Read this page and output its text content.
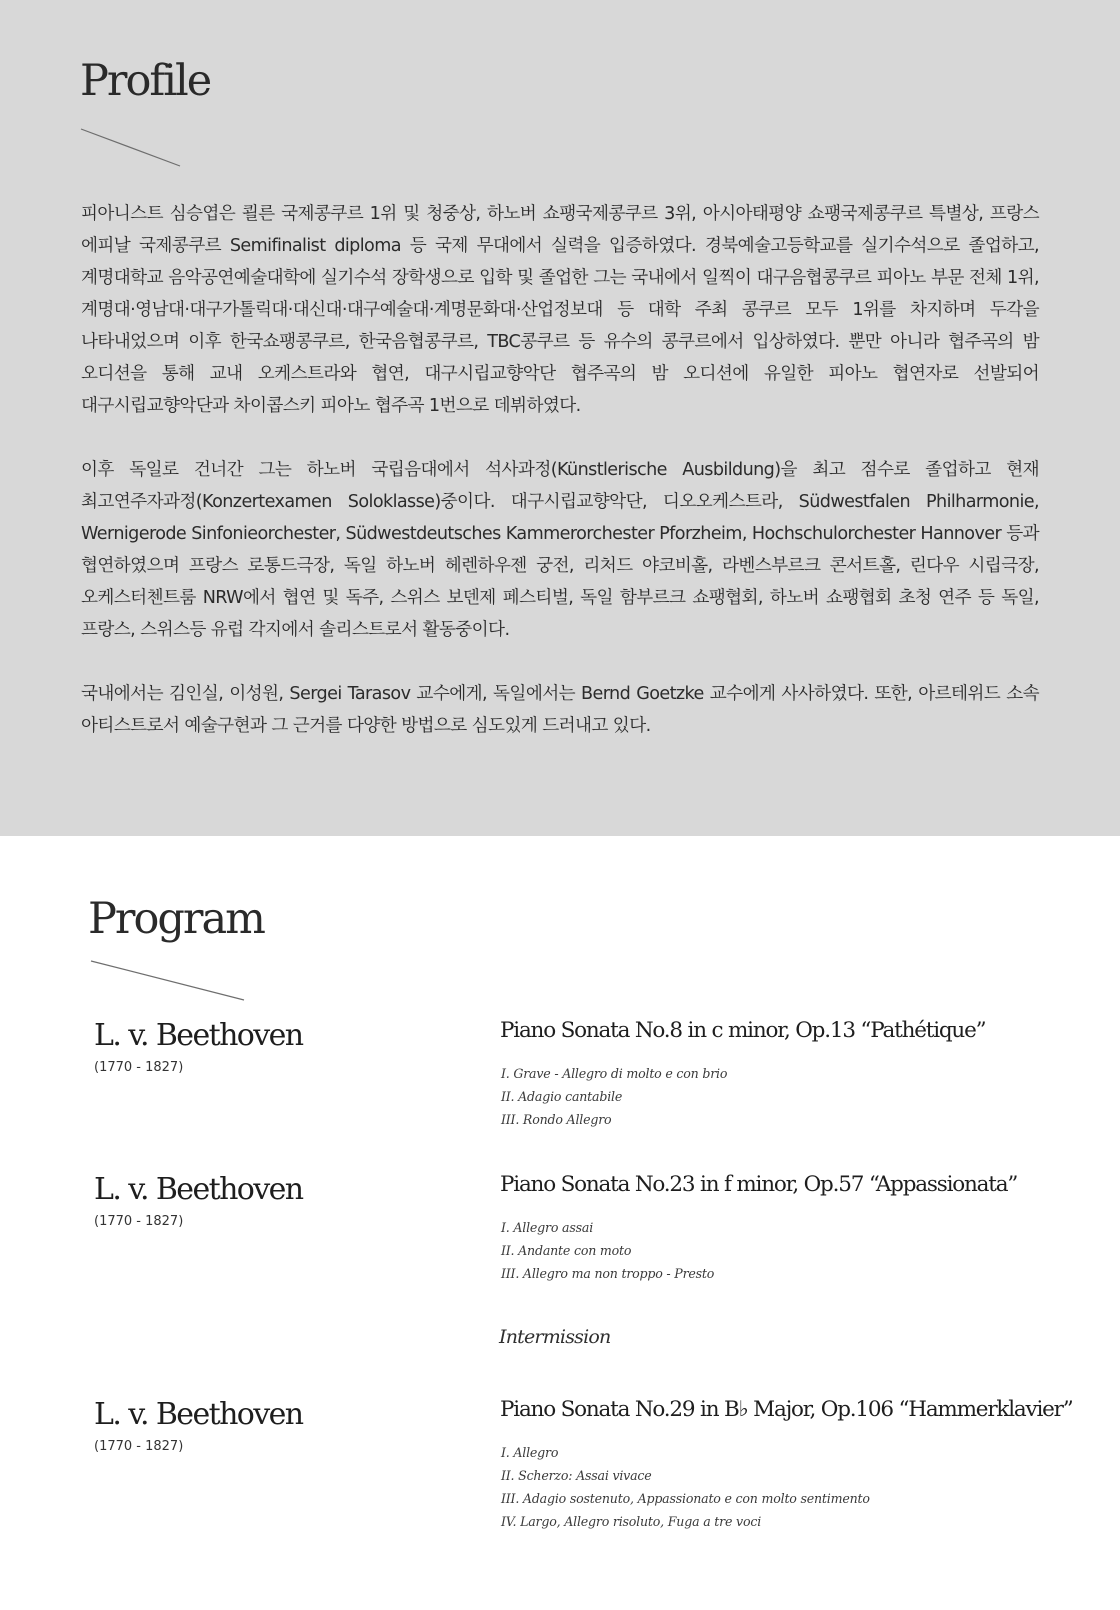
Profile

피아니스트 심승엽은 쾰른 국제콩쿠르 1위 및 청중상, 하노버 쇼팽국제콩쿠르 3위, 아시아태평양 쇼팽국제콩쿠르 특별상, 프랑스 에피날 국제콩쿠르 Semifinalist diploma 등 국제 무대에서 실력을 입증하였다. 경북예술고등학교를 실기수석으로 졸업하고, 계명대학교 음악공연예술대학에 실기수석 장학생으로 입학 및 졸업한 그는 국내에서 일찍이 대구음협콩쿠르 피아노 부문 전체 1위, 계명대·영남대·대구가톨릭대·대신대·대구예술대·계명문화대·산업정보대 등 대학 주최 콩쿠르 모두 1위를 차지하며 두각을 나타내었으며 이후 한국쇼팽콩쿠르, 한국음협콩쿠르, TBC콩쿠르 등 유수의 콩쿠르에서 입상하였다. 뿐만 아니라 협주곡의 밤 오디션을 통해 교내 오케스트라와 협연, 대구시립교향악단 협주곡의 밤 오디션에 유일한 피아노 협연자로 선발되어 대구시립교향악단과 차이콥스키 피아노 협주곡 1번으로 데뷔하였다.

이후 독일로 건너간 그는 하노버 국립음대에서 석사과정(Künstlerische Ausbildung)을 최고 점수로 졸업하고 현재 최고연주자과정(Konzertexamen Soloklasse)중이다. 대구시립교향악단, 디오오케스트라, Südwestfalen Philharmonie, Wernigerode Sinfonieorchester, Südwestdeutsches Kammerorchester Pforzheim, Hochschulorchester Hannover 등과 협연하였으며 프랑스 로통드극장, 독일 하노버 헤렌하우젠 궁전, 리처드 야코비홀, 라벤스부르크 콘서트홀, 린다우 시립극장, 오케스터첸트룸 NRW에서 협연 및 독주, 스위스 보덴제 페스티벌, 독일 함부르크 쇼팽협회, 하노버 쇼팽협회 초청 연주 등 독일, 프랑스, 스위스등 유럽 각지에서 솔리스트로서 활동중이다.

국내에서는 김인실, 이성원, Sergei Tarasov 교수에게, 독일에서는 Bernd Goetzke 교수에게 사사하였다. 또한, 아르테위드 소속 아티스트로서 예술구현과 그 근거를 다양한 방법으로 심도있게 드러내고 있다.

Program
L. v. Beethoven
(1770 - 1827)
Piano Sonata No.8 in c minor, Op.13 “Pathétique”
I. Grave - Allegro di molto e con brio
II. Adagio cantabile
III. Rondo Allegro
L. v. Beethoven
(1770 - 1827)
Piano Sonata No.23 in f minor, Op.57 “Appassionata”
I. Allegro assai
II. Andante con moto
III. Allegro ma non troppo - Presto
Intermission
L. v. Beethoven
(1770 - 1827)
Piano Sonata No.29 in B♭ Major, Op.106 “Hammerklavier”
I. Allegro
II. Scherzo: Assai vivace
III. Adagio sostenuto, Appassionato e con molto sentimento
IV. Largo, Allegro risoluto, Fuga a tre voci
